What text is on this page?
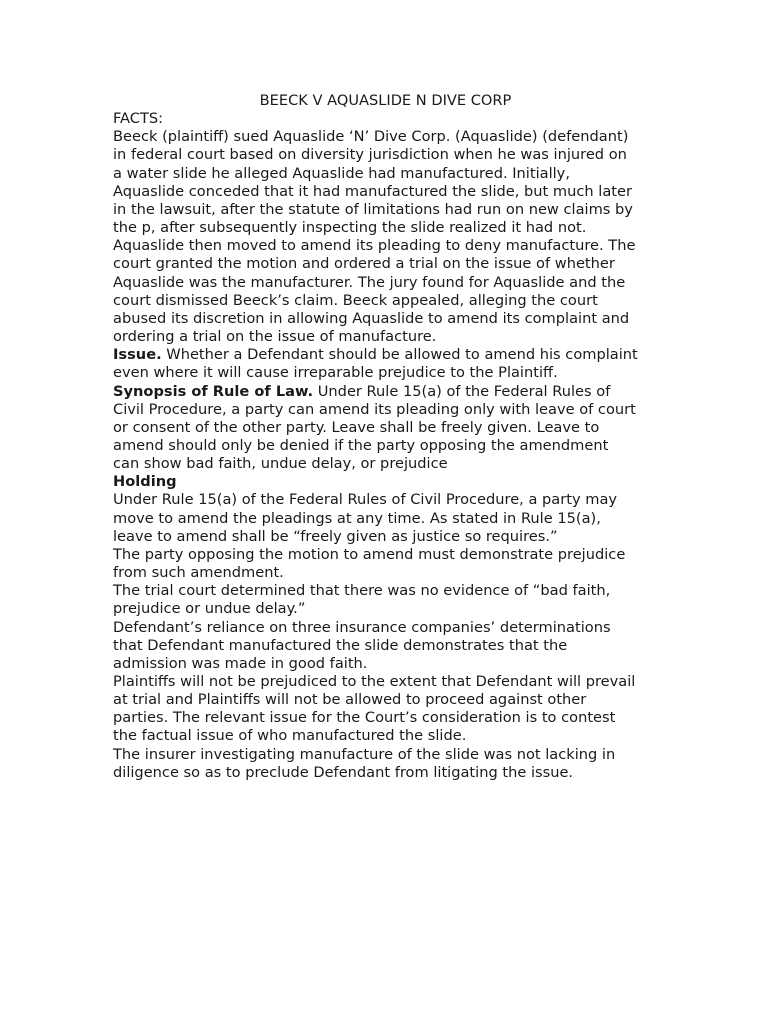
BEECK V AQUASLIDE N DIVE CORP

FACTS:
Beeck (plaintiff) sued Aquaslide ‘N’ Dive Corp. (Aquaslide) (defendant)
in federal court based on diversity jurisdiction when he was injured on
a water slide he alleged Aquaslide had manufactured. Initially,
Aquaslide conceded that it had manufactured the slide, but much later
in the lawsuit, after the statute of limitations had run on new claims by
the p, after subsequently inspecting the slide realized it had not.
Aquaslide then moved to amend its pleading to deny manufacture. The
court granted the motion and ordered a trial on the issue of whether
Aquaslide was the manufacturer. The jury found for Aquaslide and the
court dismissed Beeck’s claim. Beeck appealed, alleging the court
abused its discretion in allowing Aquaslide to amend its complaint and
ordering a trial on the issue of manufacture.
Issue. Whether a Defendant should be allowed to amend his complaint
even where it will cause irreparable prejudice to the Plaintiff.
Synopsis of Rule of Law. Under Rule 15(a) of the Federal Rules of
Civil Procedure, a party can amend its pleading only with leave of court
or consent of the other party. Leave shall be freely given. Leave to
amend should only be denied if the party opposing the amendment
can show bad faith, undue delay, or prejudice
Holding
Under Rule 15(a) of the Federal Rules of Civil Procedure, a party may
move to amend the pleadings at any time. As stated in Rule 15(a),
leave to amend shall be “freely given as justice so requires.”
The party opposing the motion to amend must demonstrate prejudice
from such amendment.
The trial court determined that there was no evidence of “bad faith,
prejudice or undue delay.”
Defendant’s reliance on three insurance companies’ determinations
that Defendant manufactured the slide demonstrates that the
admission was made in good faith.
Plaintiffs will not be prejudiced to the extent that Defendant will prevail
at trial and Plaintiffs will not be allowed to proceed against other
parties. The relevant issue for the Court’s consideration is to contest
the factual issue of who manufactured the slide.
The insurer investigating manufacture of the slide was not lacking in
diligence so as to preclude Defendant from litigating the issue.
